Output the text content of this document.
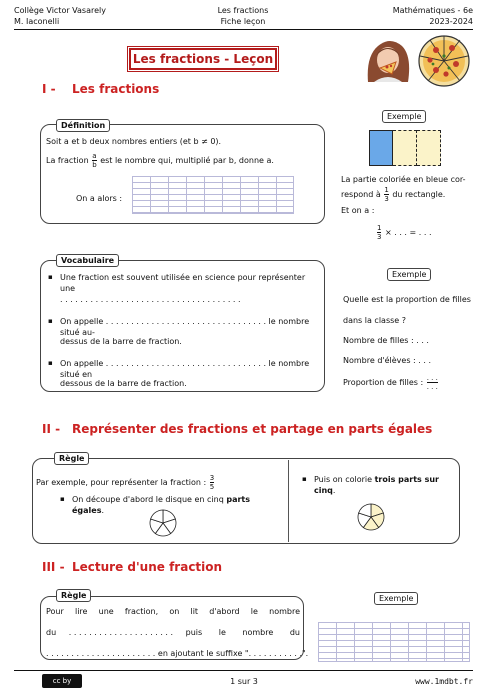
Collège Victor Vasarely
M. Iaconelli
Les fractions
Fiche leçon
Mathématiques - 6e
2023-2024
Les fractions - Leçon
I - Les fractions
Définition
Soit a et b deux nombres entiers (et b ≠ 0).
La fraction $\frac{a}{b}$ est le nombre qui, multiplié par b, donne a.
On a alors :
Exemple
La partie coloriée en bleue cor-
respond à $\frac{1}{3}$ du rectangle.
Et on a :
$\frac{1}{3}$ × . . . = . . .
Vocabulaire
▪ Une fraction est souvent utilisée en science pour représenter une
. . . . . . . . . . . . . . . . . . . . . . . . . . . . . . . . . . . .
▪ On appelle . . . . . . . . . . . . . . . . . . . . . . . . . . . . . . . . le nombre situé au-
dessus de la barre de fraction.
▪ On appelle . . . . . . . . . . . . . . . . . . . . . . . . . . . . . . . . le nombre situé en
dessous de la barre de fraction.
Exemple
Quelle est la proportion de filles
dans la classe ?
Nombre de filles : . . .
Nombre d'élèves : . . .
Proportion de filles : $\frac{. . .}{. . .}$
II - Représenter des fractions et partage en parts égales
Règle
Par exemple, pour représenter la fraction : $\frac{3}{5}$
▪ On découpe d'abord le disque en cinq parts égales.
▪ Puis on colorie trois parts sur cinq.
III - Lecture d'une fraction
Règle
Pour lire une fraction, on lit d'abord le nombre
du . . . . . . . . . . . . . . . . . . . . . puis le nombre du
. . . . . . . . . . . . . . . . . . . . . . en ajoutant le suffixe ". . . . . . . . . . .".
Exemple
cc by	1 sur 3	www.1mdbt.fr
